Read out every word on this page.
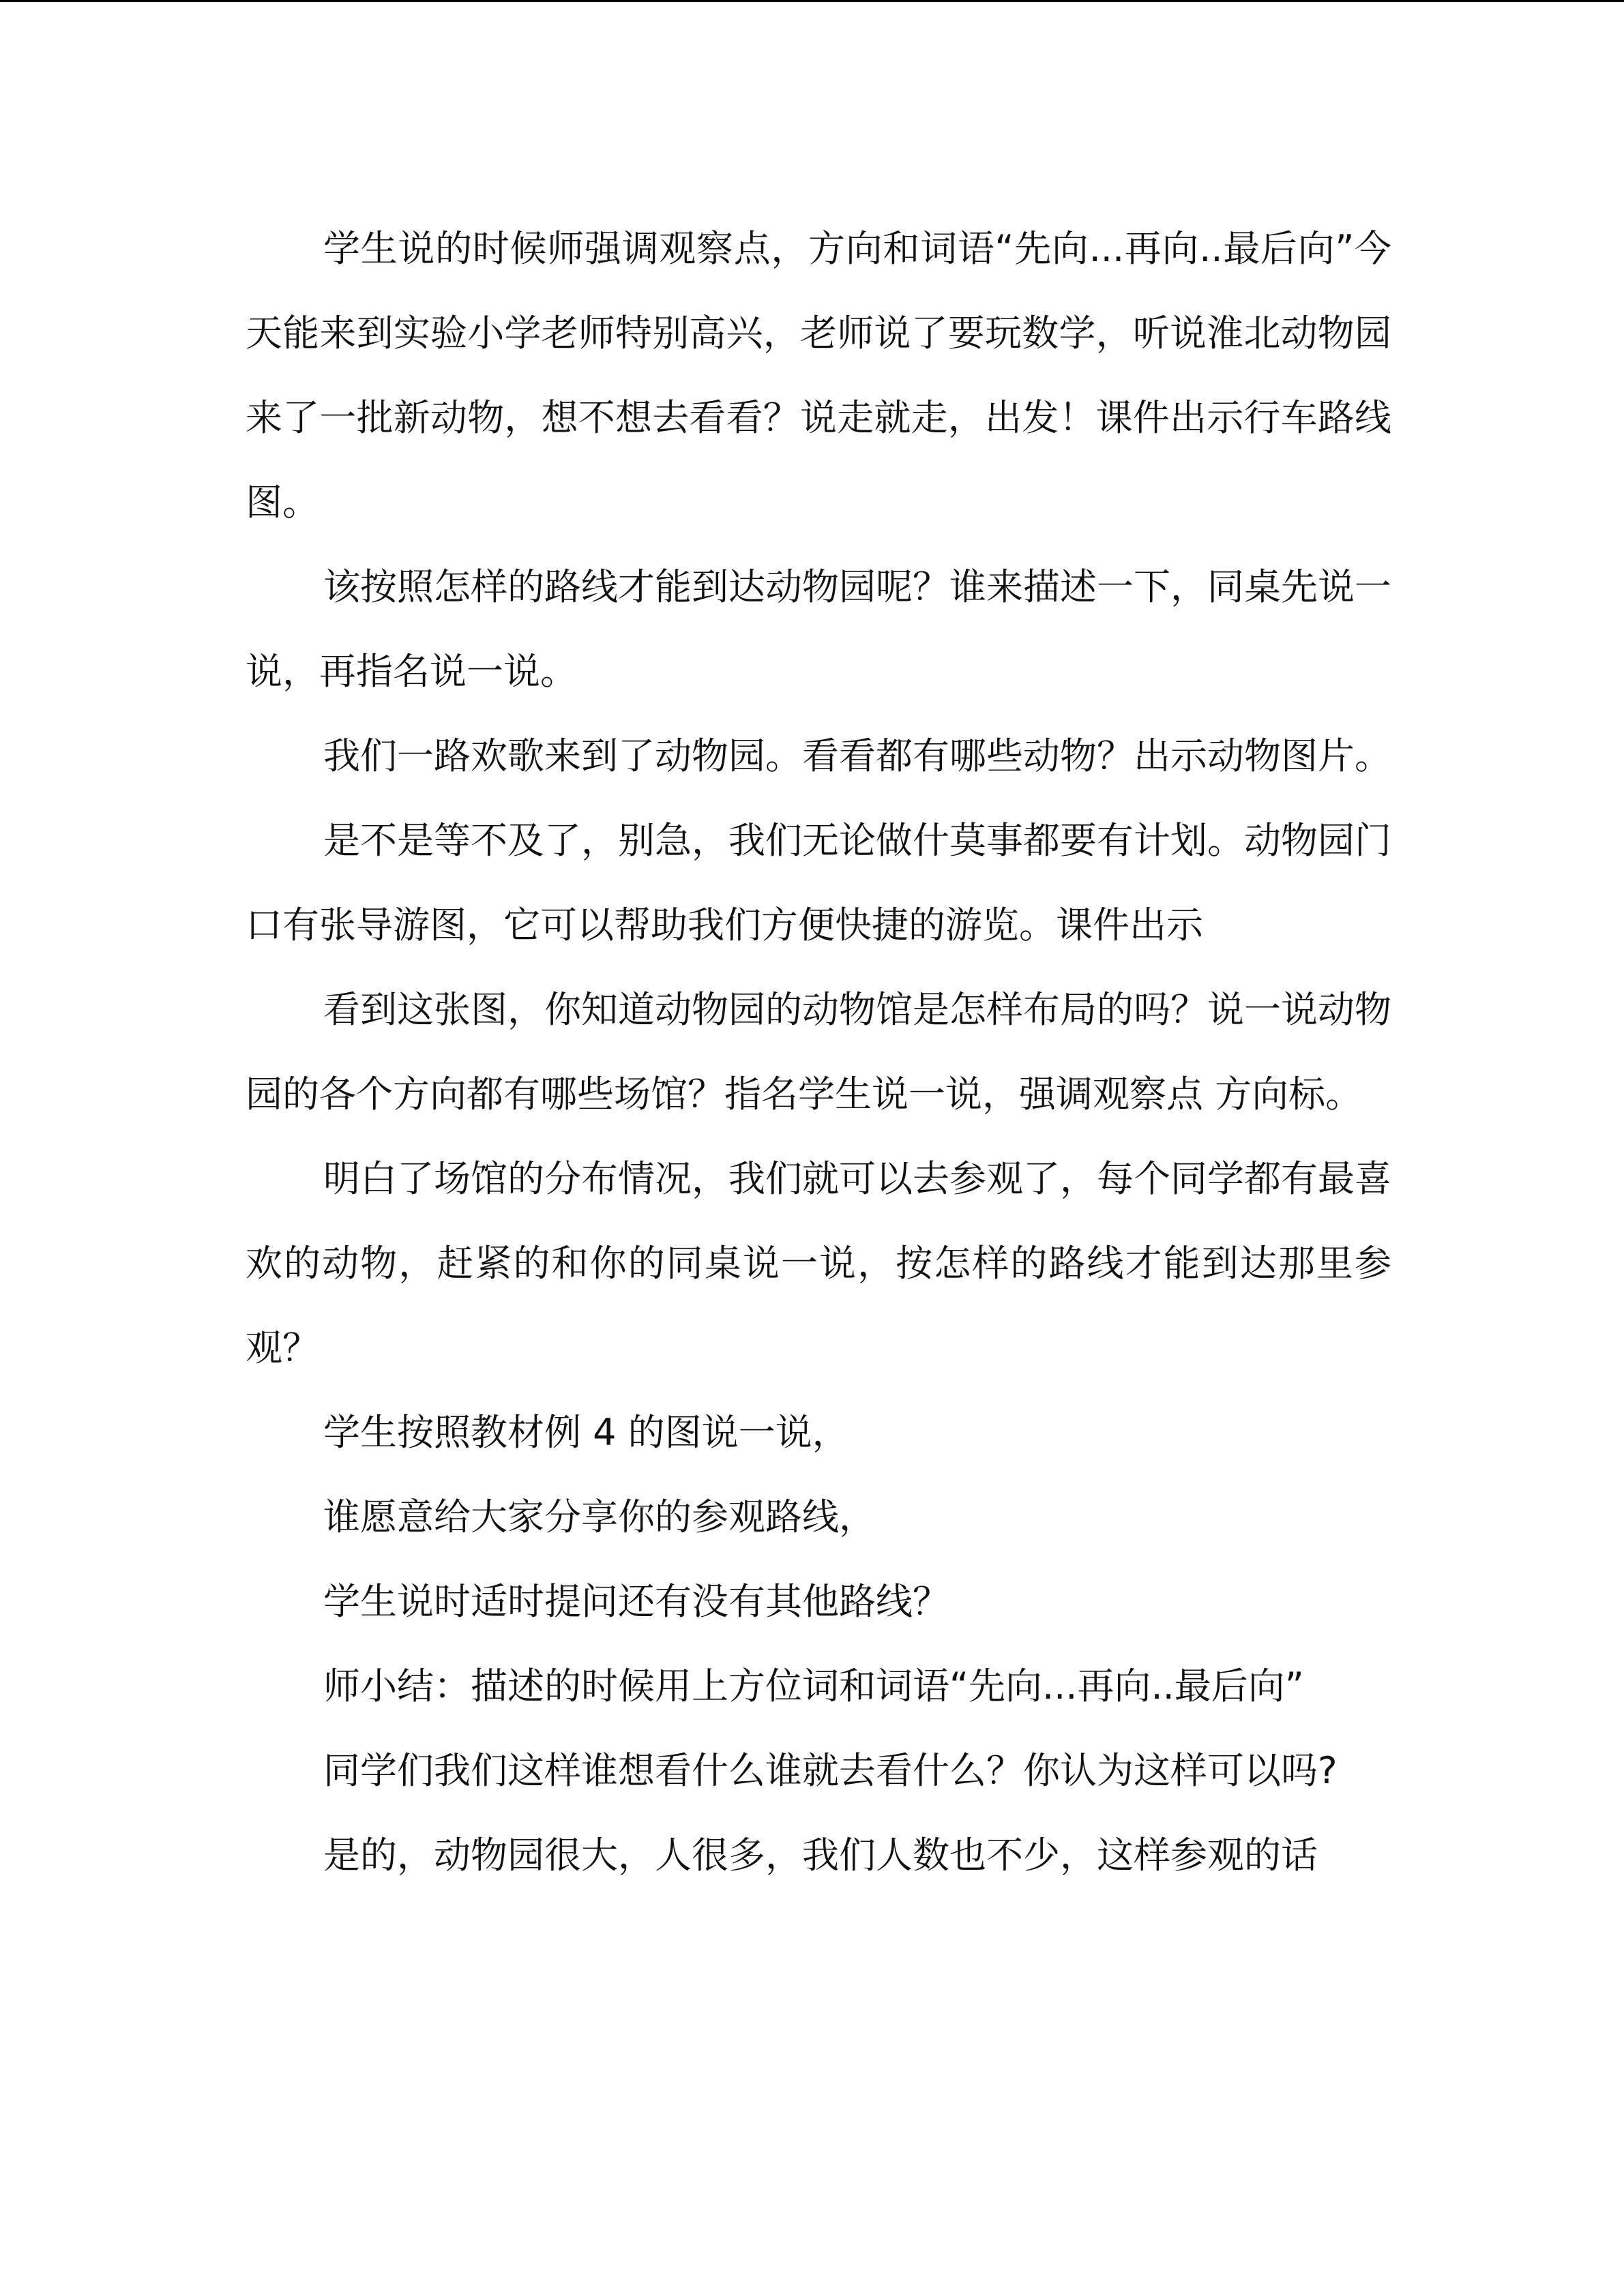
学生说的时候师强调观察点，方向和词语“先向...再向..最后向”今天能来到实验小学老师特别高兴，老师说了要玩数学，听说淮北动物园来了一批新动物，想不想去看看？说走就走，出发！课件出示行车路线图。

该按照怎样的路线才能到达动物园呢？谁来描述一下，同桌先说一说，再指名说一说。

我们一路欢歌来到了动物园。看看都有哪些动物？出示动物图片。

是不是等不及了，别急，我们无论做什莫事都要有计划。动物园门口有张导游图，它可以帮助我们方便快捷的游览。课件出示

看到这张图，你知道动物园的动物馆是怎样布局的吗？说一说动物园的各个方向都有哪些场馆？指名学生说一说，强调观察点 方向标。

明白了场馆的分布情况，我们就可以去参观了，每个同学都有最喜欢的动物，赶紧的和你的同桌说一说，按怎样的路线才能到达那里参观？

学生按照教材例 4 的图说一说，

谁愿意给大家分享你的参观路线，

学生说时适时提问还有没有其他路线？

师小结：描述的时候用上方位词和词语“先向...再向..最后向”

同学们我们这样谁想看什么谁就去看什么？你认为这样可以吗?

是的，动物园很大，人很多，我们人数也不少，这样参观的话
